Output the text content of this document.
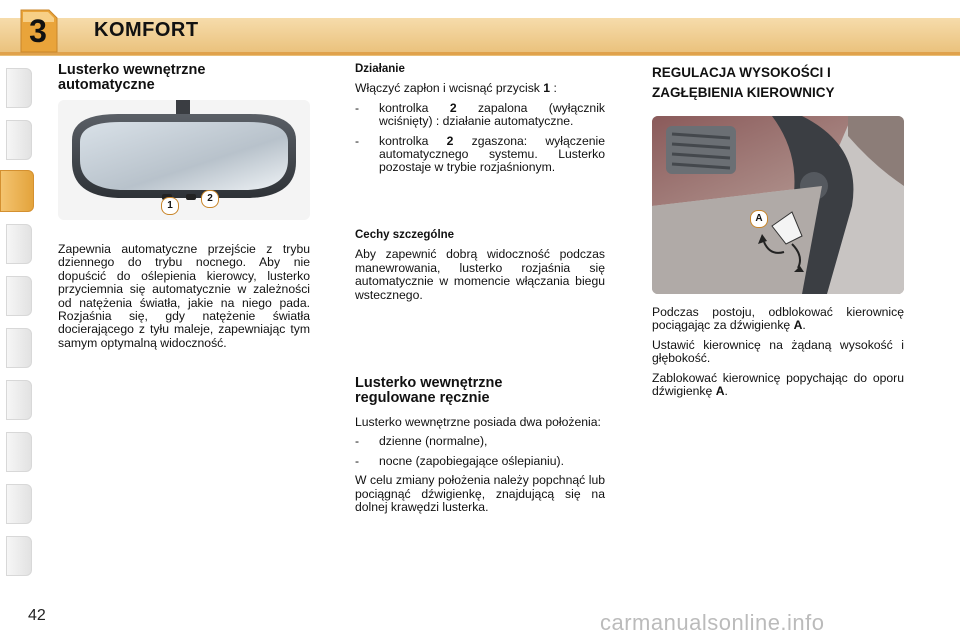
3	KOMFORT
Lusterko wewnętrzne
automatyczne
1
2

Zapewnia automatyczne przejście z trybu dziennego do trybu nocnego. Aby nie dopuścić do oślepienia kierowcy, lusterko przyciemnia się automatycznie w zależności od natężenia światła, jakie na niego pada. Rozjaśnia się, gdy natężenie światła docierającego z tyłu maleje, zapewniając tym samym optymalną widoczność.

Działanie

Włączyć zapłon i wcisnąć przycisk 1 :

- kontrolka 2 zapalona (wyłącznik wciśnięty) : działanie automatyczne.
- kontrolka 2 zgaszona: wyłączenie automatycznego systemu. Lusterko pozostaje w trybie rozjaśnionym.
Cechy szczególne

Aby zapewnić dobrą widoczność podczas manewrowania, lusterko rozjaśnia się automatycznie w momencie włączania biegu wstecznego.

Lusterko wewnętrzne
regulowane ręcznie

Lusterko wewnętrzne posiada dwa położenia:

- dzienne (normalne),
- nocne (zapobiegające oślepianiu).

W celu zmiany położenia należy popchnąć lub pociągnąć dźwigienkę, znajdującą się na dolnej krawędzi lusterka.

REGULACJA WYSOKOŚCI I
ZAGŁĘBIENIA KIEROWNICY
A

Podczas postoju, odblokować kierownicę pociągając za dźwigienkę A.

Ustawić kierownicę na żądaną wysokość i głębokość.

Zablokować kierownicę popychając do oporu dźwigienkę A.

42	carmanualsonline.info
